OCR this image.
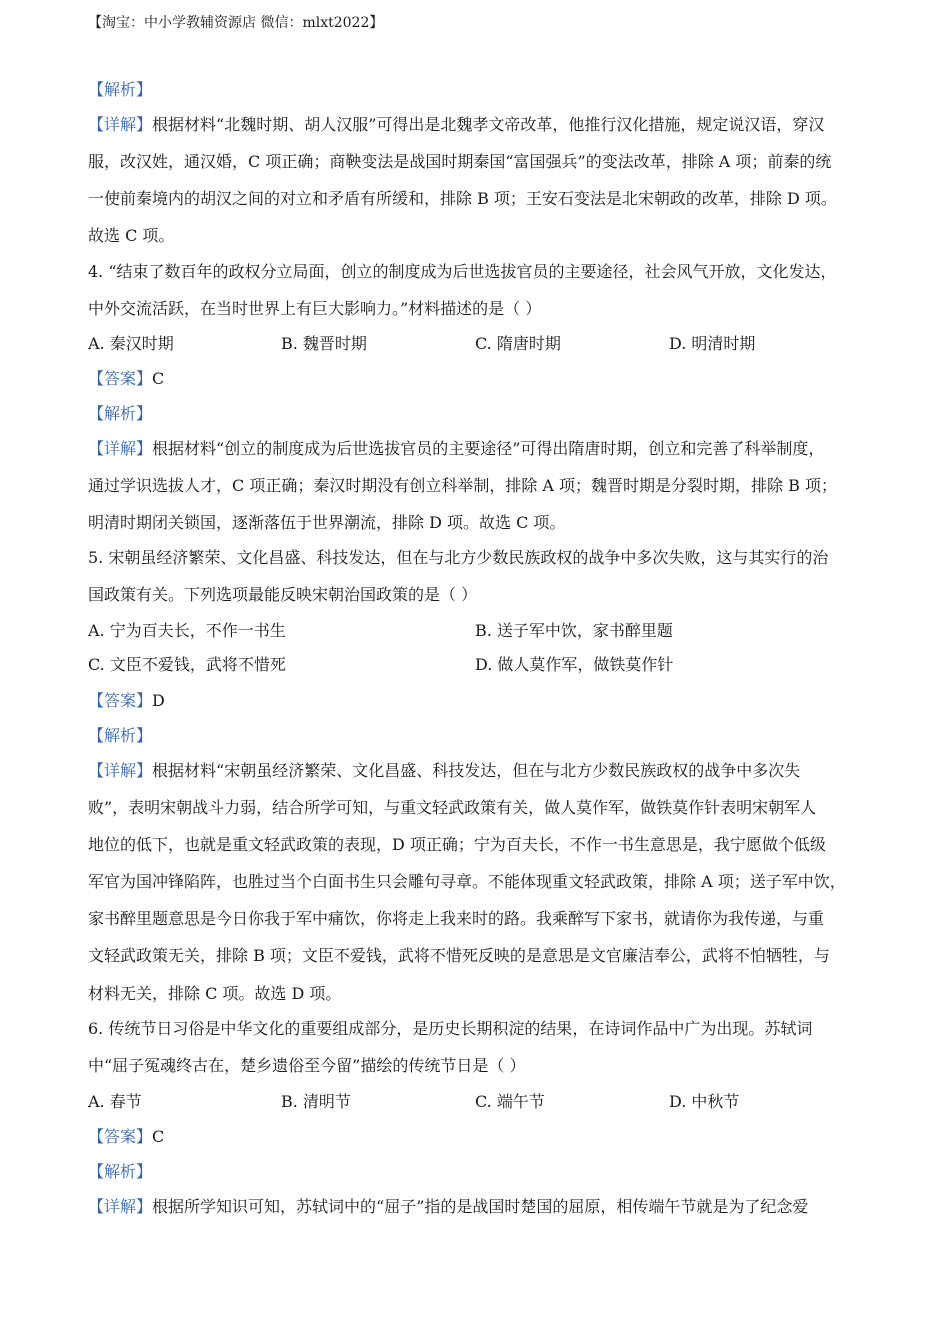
【淘宝：中小学教辅资源店 微信：mlxt2022】
【解析】
【详解】根据材料“北魏时期、胡人汉服”可得出是北魏孝文帝改革，他推行汉化措施，规定说汉语，穿汉
服，改汉姓，通汉婚，C 项正确；商鞅变法是战国时期秦国“富国强兵”的变法改革，排除 A 项；前秦的统
一使前秦境内的胡汉之间的对立和矛盾有所缓和，排除 B 项；王安石变法是北宋朝政的改革，排除 D 项。
故选 C 项。
4. “结束了数百年的政权分立局面，创立的制度成为后世选拔官员的主要途径，社会风气开放，文化发达，
中外交流活跃，在当时世界上有巨大影响力。”材料描述的是（ ）
A. 秦汉时期	B. 魏晋时期	C. 隋唐时期	D. 明清时期
【答案】C
【解析】
【详解】根据材料“创立的制度成为后世选拔官员的主要途径”可得出隋唐时期，创立和完善了科举制度，
通过学识选拔人才，C 项正确；秦汉时期没有创立科举制，排除 A 项；魏晋时期是分裂时期，排除 B 项；
明清时期闭关锁国，逐渐落伍于世界潮流，排除 D 项。故选 C 项。
5. 宋朝虽经济繁荣、文化昌盛、科技发达，但在与北方少数民族政权的战争中多次失败，这与其实行的治
国政策有关。下列选项最能反映宋朝治国政策的是（ ）
A. 宁为百夫长，不作一书生	B. 送子军中饮，家书醉里题
C. 文臣不爱钱，武将不惜死	D. 做人莫作军，做铁莫作针
【答案】D
【解析】
【详解】根据材料“宋朝虽经济繁荣、文化昌盛、科技发达，但在与北方少数民族政权的战争中多次失
败”，表明宋朝战斗力弱，结合所学可知，与重文轻武政策有关，做人莫作军，做铁莫作针表明宋朝军人
地位的低下，也就是重文轻武政策的表现，D 项正确；宁为百夫长，不作一书生意思是，我宁愿做个低级
军官为国冲锋陷阵，也胜过当个白面书生只会雕句寻章。不能体现重文轻武政策，排除 A 项；送子军中饮，
家书醉里题意思是今日你我于军中痛饮，你将走上我来时的路。我乘醉写下家书，就请你为我传递，与重
文轻武政策无关，排除 B 项；文臣不爱钱，武将不惜死反映的是意思是文官廉洁奉公，武将不怕牺牲，与
材料无关，排除 C 项。故选 D 项。
6. 传统节日习俗是中华文化的重要组成部分，是历史长期积淀的结果，在诗词作品中广为出现。苏轼词
中“屈子冤魂终古在，楚乡遗俗至今留”描绘的传统节日是（ ）
A. 春节	B. 清明节	C. 端午节	D. 中秋节
【答案】C
【解析】
【详解】根据所学知识可知，苏轼词中的“屈子”指的是战国时楚国的屈原，相传端午节就是为了纪念爱
